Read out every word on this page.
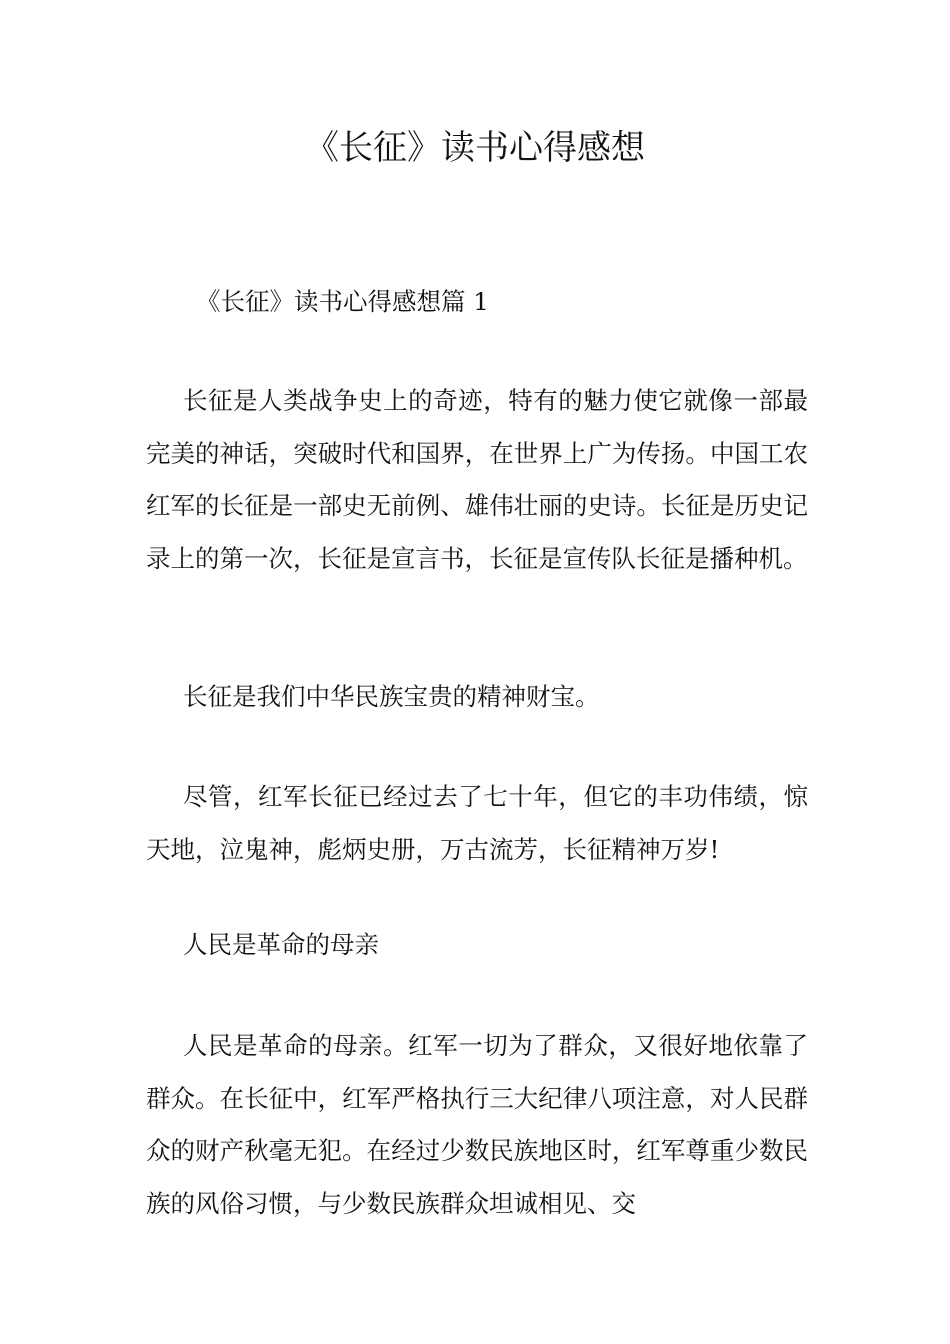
《长征》读书心得感想

《长征》读书心得感想篇 1

长征是人类战争史上的奇迹，特有的魅力使它就像一部最完美的神话，突破时代和国界，在世界上广为传扬。中国工农红军的长征是一部史无前例、雄伟壮丽的史诗。长征是历史记录上的第一次，长征是宣言书，长征是宣传队长征是播种机。

长征是我们中华民族宝贵的精神财宝。

尽管，红军长征已经过去了七十年，但它的丰功伟绩，惊天地，泣鬼神，彪炳史册，万古流芳，长征精神万岁!

人民是革命的母亲

人民是革命的母亲。红军一切为了群众，又很好地依靠了群众。在长征中，红军严格执行三大纪律八项注意，对人民群众的财产秋毫无犯。在经过少数民族地区时，红军尊重少数民族的风俗习惯，与少数民族群众坦诚相见、交
